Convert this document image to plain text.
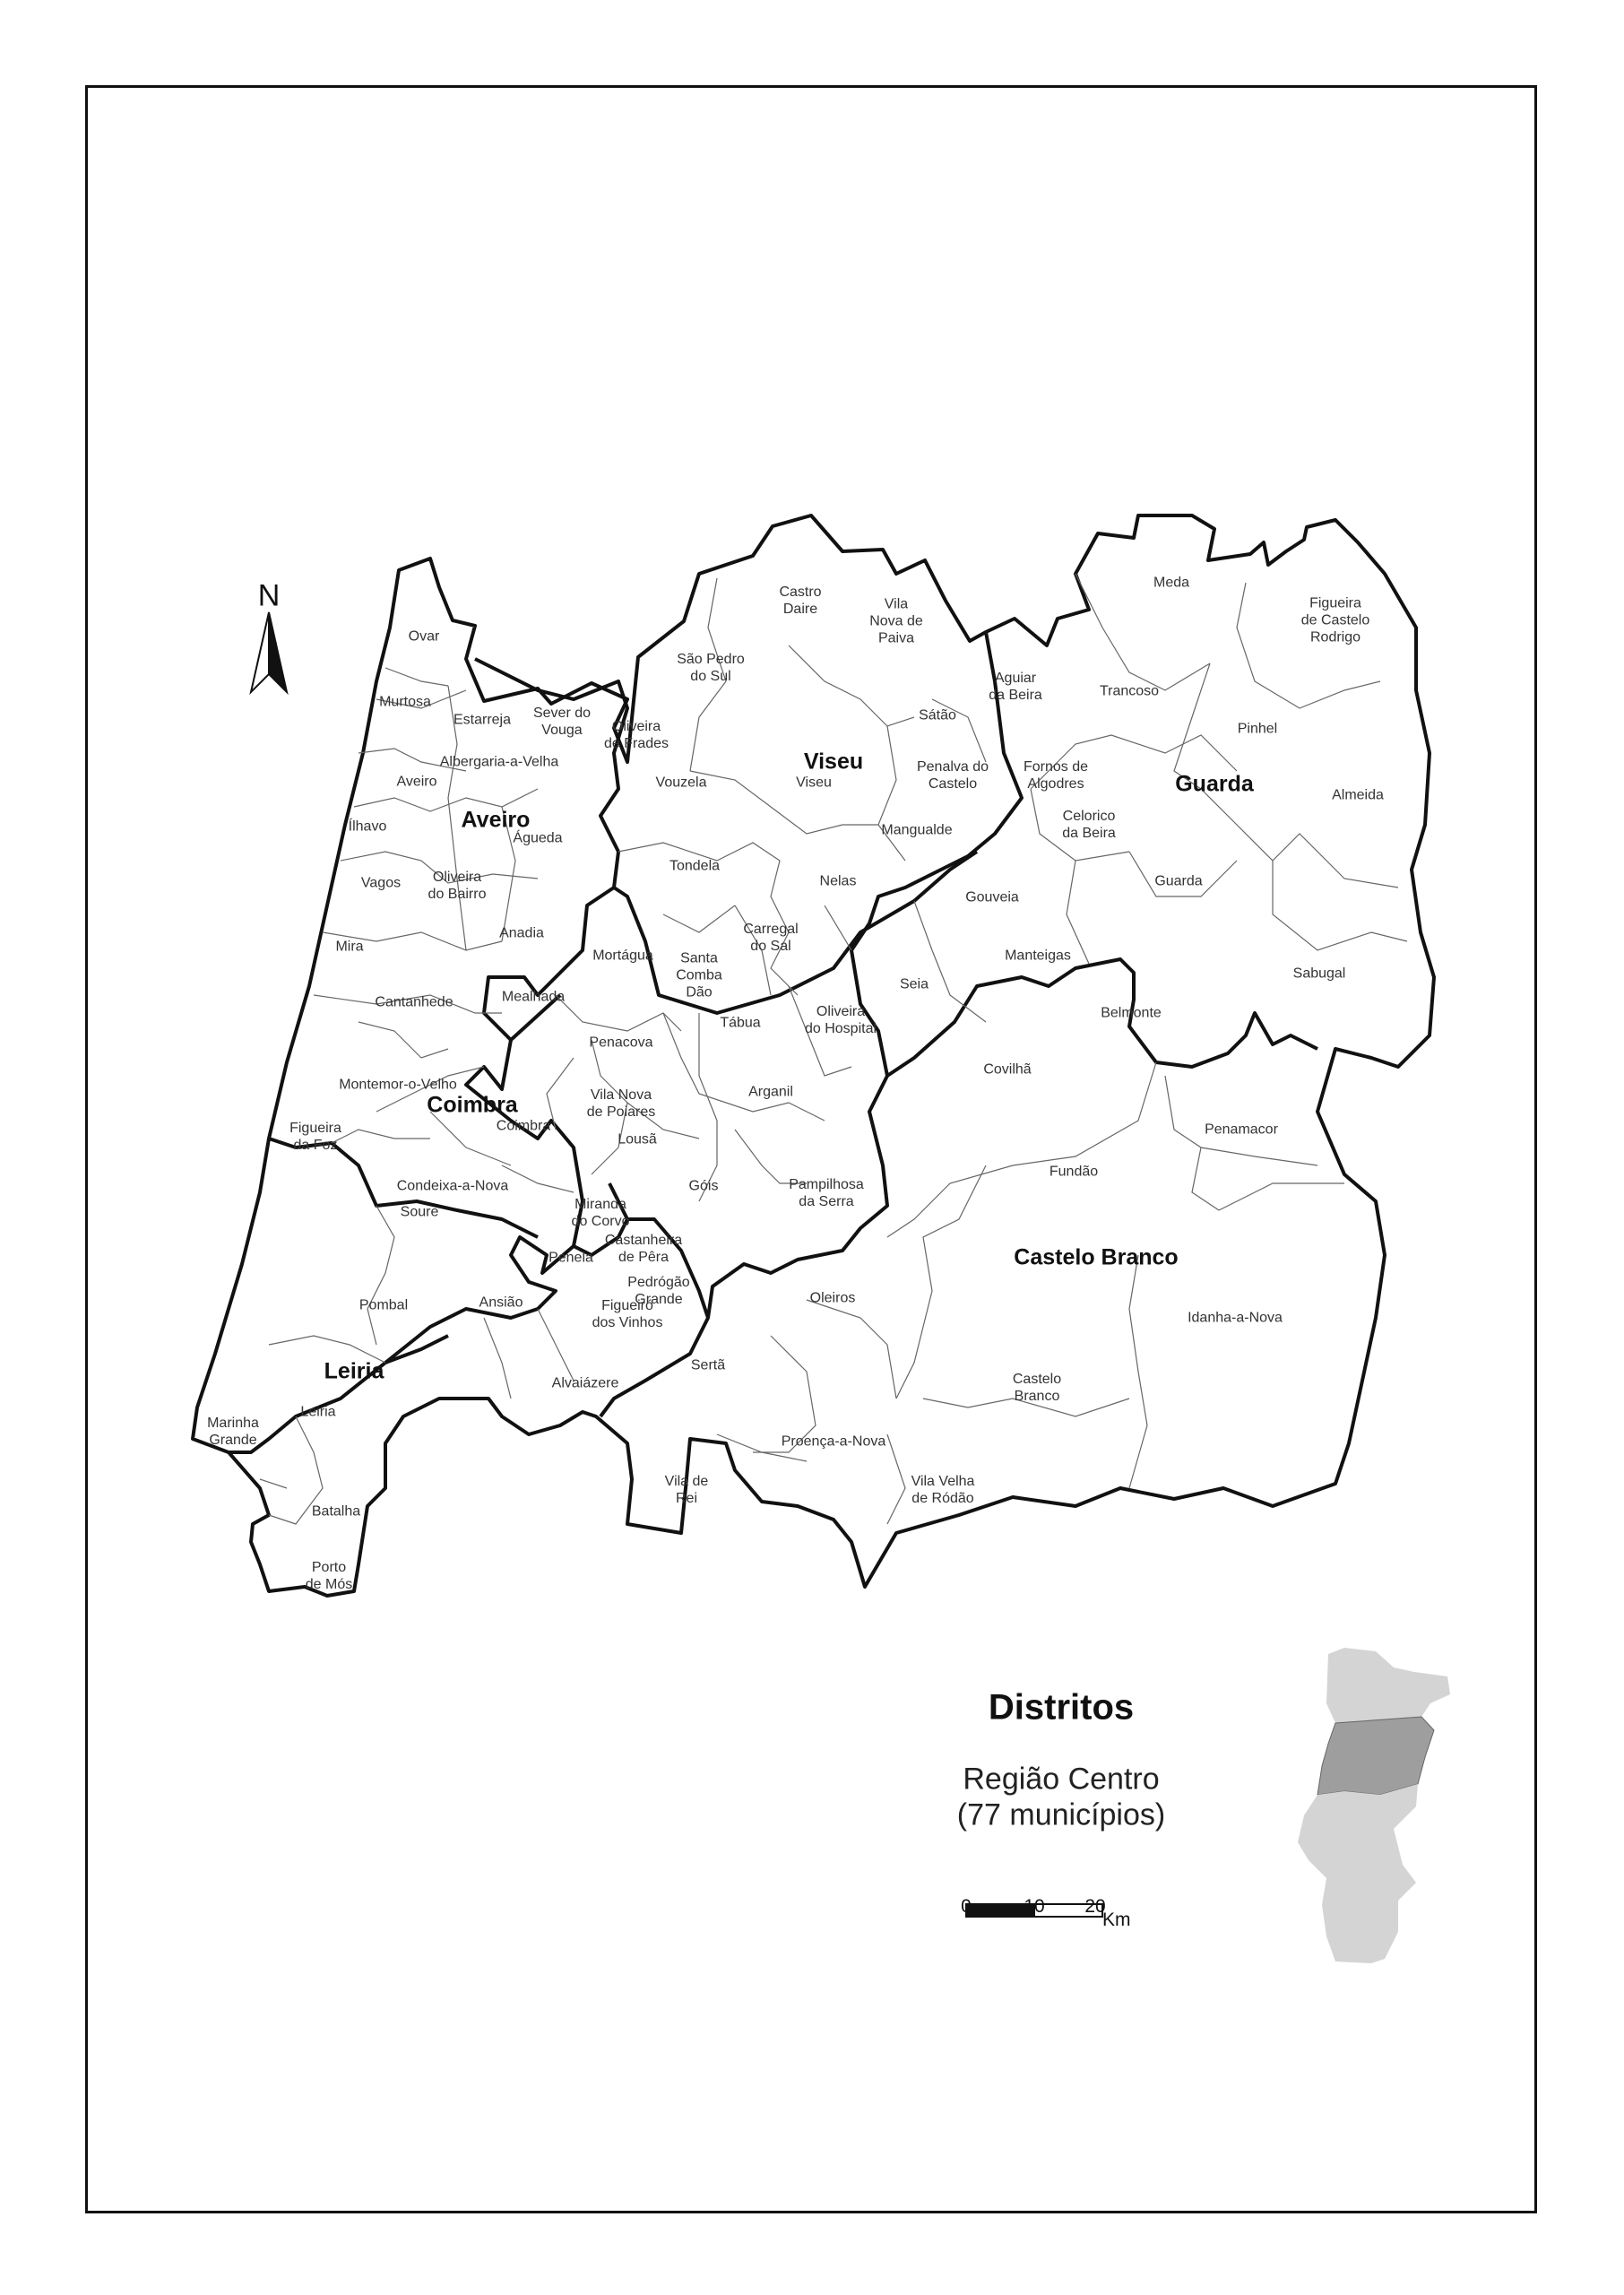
Aveiro
Viseu
Guarda
Coimbra
Castelo Branco
Leiria
Ovar
Murtosa
Estarreja Sever do
Vouga
Albergaria-a-Velha
Aveiro
Ílhavo
Águeda
Vagos	Oliveira
do Bairro
Anadia
Mira
Cantanhede	Mealhada
Castro
Daire	Vila
Nova de
Paiva
São Pedro
do Sul
Oliveira
de Frades
Vouzela	Viseu
Sátão
Penalva do
Castelo
Mangualde
Tondela
Nelas
Carregal
do Sal
Mortágua	Santa
Comba
Dão
Aguiar
da Beira
Meda
Figueira
de Castelo
Rodrigo
Trancoso
Pinhel
Fornos de
Algodres
Celorico
da Beira
Almeida
Guarda
Gouveia
Manteigas
Seia
Sabugal
Tábua
Oliveira
do Hospital
Penacova
Montemor-o-Velho
Figueira
da Foz
Vila Nova
de Poiares
Coimbra
Arganil
Lousã
Condeixa-a-Nova
Soure	Miranda
do Corvo
Góis	Pampilhosa
da Serra
Penela
Belmonte
Covilhã
Penamacor
Fundão
Idanha-a-Nova
Oleiros
Castelo
Branco
Sertã
Proença-a-Nova
Vila Velha
de Ródão
Vila de
Rei
Castanheira
de Pêra
Pedrógão
Grande
Figueiró
dos Vinhos
Ansião
Alvaiázere
Pombal
Leiria
Marinha
Grande
Batalha
Porto
de Mós
N
Distritos
Região Centro
(77 municípios)
0	10 20
Km
